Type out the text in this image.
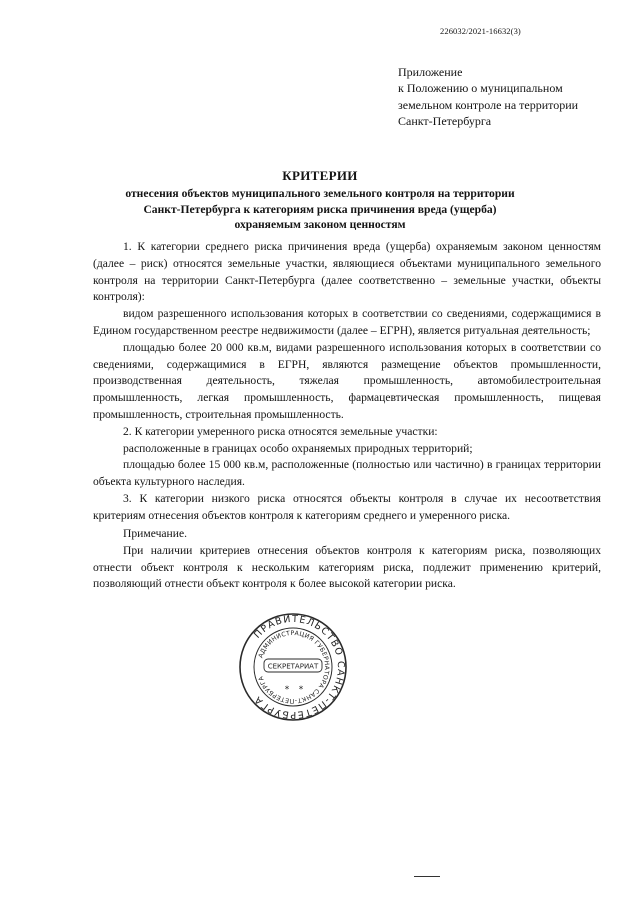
226032/2021-16632(3)
Приложение
к Положению о муниципальном
земельном контроле на территории
Санкт-Петербурга
КРИТЕРИИ
отнесения объектов муниципального земельного контроля на территории
Санкт-Петербурга к категориям риска причинения вреда (ущерба)
охраняемым законом ценностям

1. К категории среднего риска причинения вреда (ущерба) охраняемым законом ценностям (далее – риск) относятся земельные участки, являющиеся объектами муниципального земельного контроля на территории Санкт-Петербурга (далее соответственно – земельные участки, объекты контроля):

видом разрешенного использования которых в соответствии со сведениями, содержащимися в Едином государственном реестре недвижимости (далее – ЕГРН), является ритуальная деятельность;

площадью более 20 000 кв.м, видами разрешенного использования которых в соответствии со сведениями, содержащимися в ЕГРН, являются размещение объектов промышленности, производственная деятельность, тяжелая промышленность, автомобилестроительная промышленность, легкая промышленность, фармацевтическая промышленность, пищевая промышленность, строительная промышленность.

2. К категории умеренного риска относятся земельные участки:

расположенные в границах особо охраняемых природных территорий;

площадью более 15 000 кв.м, расположенные (полностью или частично) в границах территории объекта культурного наследия.

3. К категории низкого риска относятся объекты контроля в случае их несоответствия критериям отнесения объектов контроля к категориям среднего и умеренного риска.

Примечание.

При наличии критериев отнесения объектов контроля к категориям риска, позволяющих отнести объект контроля к нескольким категориям риска, подлежит применению критерий, позволяющий отнести объект контроля к более высокой категории риска.

ПРАВИТЕЛЬСТВО САНКТ-ПЕТЕРБУРГА
АДМИНИСТРАЦИЯ ГУБЕРНАТОРА САНКТ-ПЕТЕРБУРГА
СЕКРЕТАРИАТ
* *
